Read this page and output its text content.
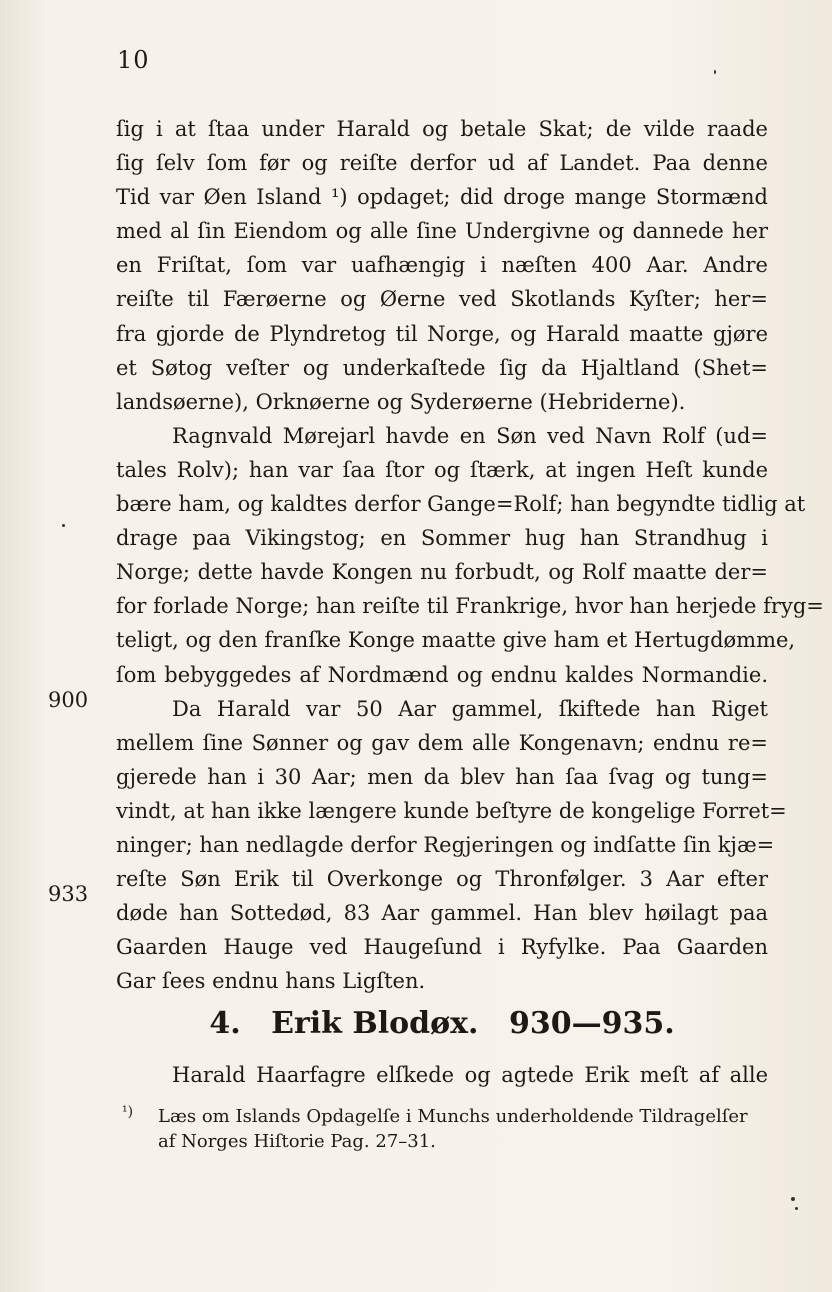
10
ſig i at ſtaa under Harald og betale Skat; de vilde raade
ſig ſelv ſom før og reiſte derfor ud af Landet. Paa denne
Tid var Øen Island ¹) opdaget; did droge mange Stormænd
med al ſin Eiendom og alle ſine Undergivne og dannede her
en Friſtat, ſom var uafhængig i næſten 400 Aar. Andre
reiſte til Færøerne og Øerne ved Skotlands Kyſter; her=
fra gjorde de Plyndretog til Norge, og Harald maatte gjøre
et Søtog veſter og underkaſtede ſig da Hjaltland (Shet=
landsøerne), Orknøerne og Syderøerne (Hebriderne).
Ragnvald Mørejarl havde en Søn ved Navn Rolf (ud=
tales Rolv); han var ſaa ſtor og ſtærk, at ingen Heſt kunde
bære ham, og kaldtes derfor Gange=Rolf; han begyndte tidlig at
drage paa Vikingstog; en Sommer hug han Strandhug i
Norge; dette havde Kongen nu forbudt, og Rolf maatte der=
for forlade Norge; han reiſte til Frankrige, hvor han herjede fryg=
teligt, og den franſke Konge maatte give ham et Hertugdømme,
ſom bebyggedes af Nordmænd og endnu kaldes Normandie.
Da Harald var 50 Aar gammel, ſkiftede han Riget
mellem ſine Sønner og gav dem alle Kongenavn; endnu re=
gjerede han i 30 Aar; men da blev han ſaa ſvag og tung=
vindt, at han ikke længere kunde beſtyre de kongelige Forret=
ninger; han nedlagde derfor Regjeringen og indſatte ſin kjæ=
reſte Søn Erik til Overkonge og Thronfølger. 3 Aar efter
døde han Sottedød, 83 Aar gammel. Han blev høilagt paa
Gaarden Hauge ved Haugeſund i Ryfylke. Paa Gaarden
Gar ſees endnu hans Ligſten.
900
933
4. Erik Blodøx. 930—935.
Harald Haarfagre elſkede og agtede Erik meſt af alle
¹) Læs om Islands Opdagelſe i Munchs underholdende Tildragelſer
af Norges Hiſtorie Pag. 27–31.
